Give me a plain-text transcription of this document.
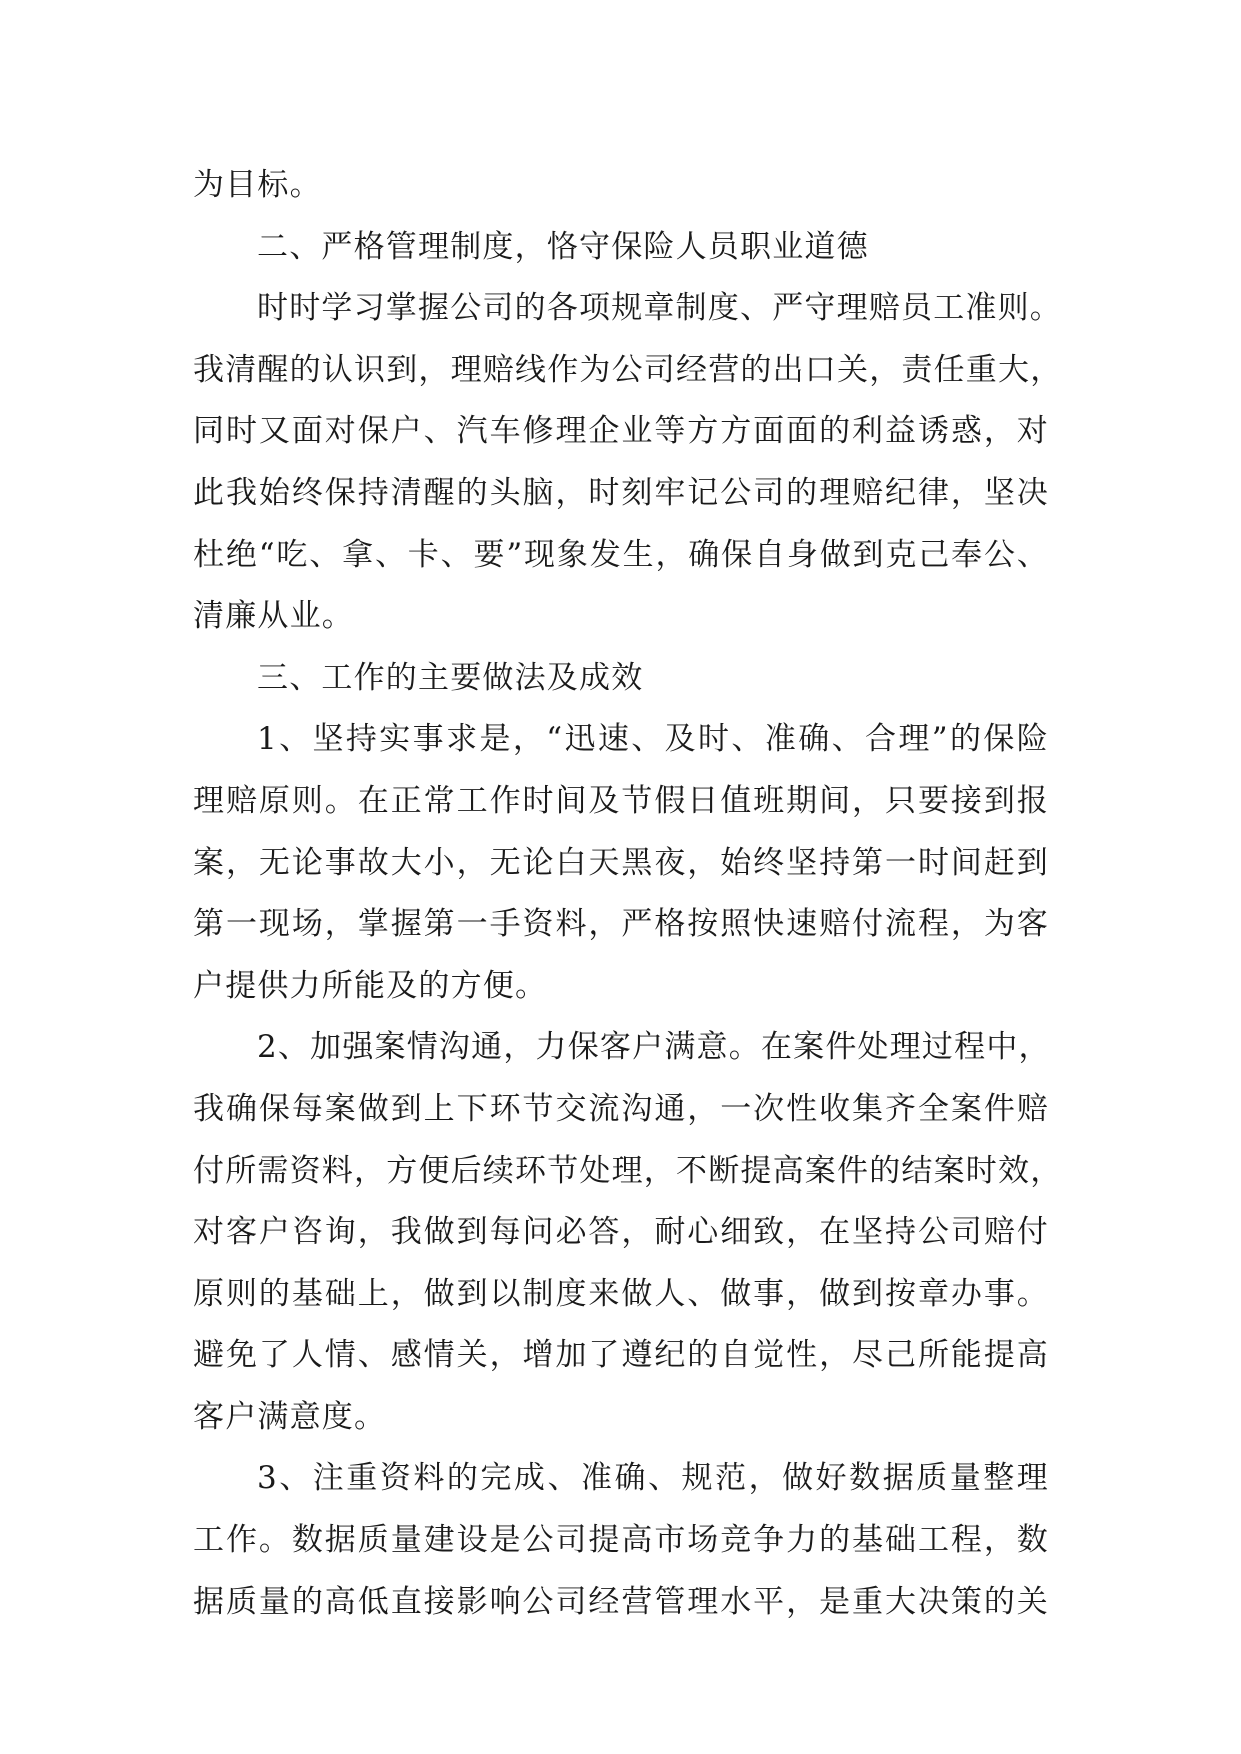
为目标。
二、严格管理制度，恪守保险人员职业道德
时时学习掌握公司的各项规章制度、严守理赔员工准则。
我清醒的认识到，理赔线作为公司经营的出口关，责任重大，
同时又面对保户、汽车修理企业等方方面面的利益诱惑，对
此我始终保持清醒的头脑，时刻牢记公司的理赔纪律，坚决
杜绝“吃、拿、卡、要”现象发生，确保自身做到克己奉公、
清廉从业。
三、工作的主要做法及成效
1、坚持实事求是，“迅速、及时、准确、合理”的保险
理赔原则。在正常工作时间及节假日值班期间，只要接到报
案，无论事故大小，无论白天黑夜，始终坚持第一时间赶到
第一现场，掌握第一手资料，严格按照快速赔付流程，为客
户提供力所能及的方便。
2、加强案情沟通，力保客户满意。在案件处理过程中，
我确保每案做到上下环节交流沟通，一次性收集齐全案件赔
付所需资料，方便后续环节处理，不断提高案件的结案时效，
对客户咨询，我做到每问必答，耐心细致，在坚持公司赔付
原则的基础上，做到以制度来做人、做事，做到按章办事。
避免了人情、感情关，增加了遵纪的自觉性，尽己所能提高
客户满意度。
3、注重资料的完成、准确、规范，做好数据质量整理
工作。数据质量建设是公司提高市场竞争力的基础工程，数
据质量的高低直接影响公司经营管理水平，是重大决策的关
